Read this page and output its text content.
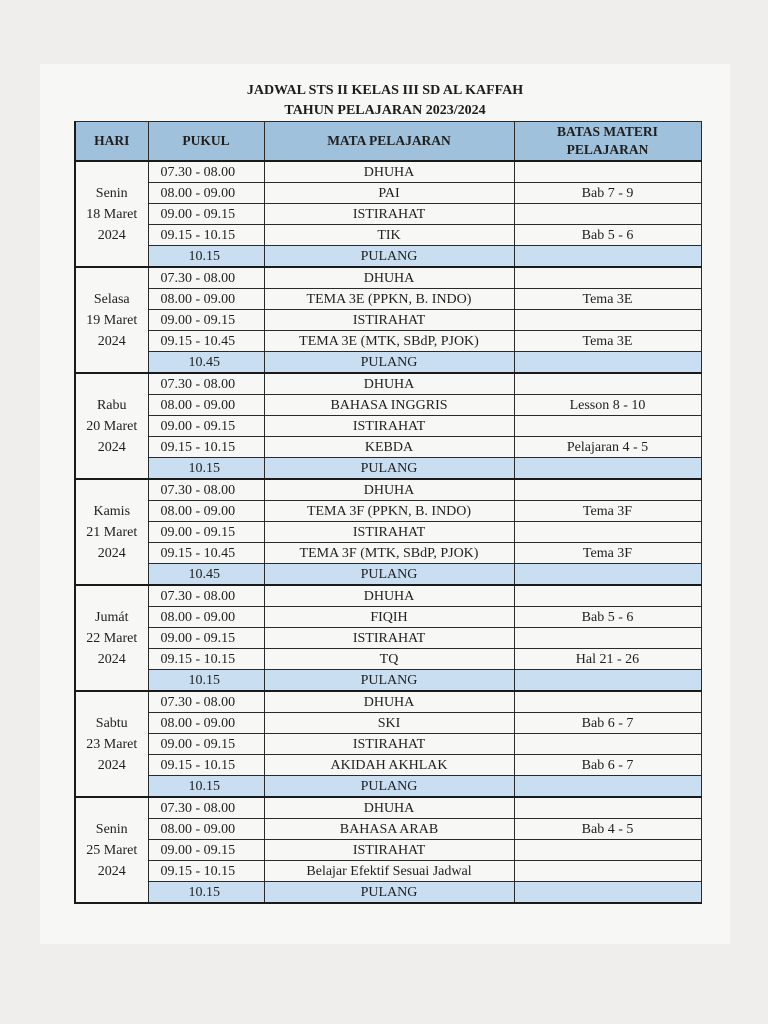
JADWAL STS II KELAS III SD AL KAFFAH
TAHUN PELAJARAN 2023/2024
HARI	PUKUL	MATA PELAJARAN	BATAS MATERI
PELAJARAN
Senin
18 Maret
2024	07.30 - 08.00	DHUHA	
	08.00 - 09.00	PAI	Bab 7 - 9
	09.00 - 09.15	ISTIRAHAT	
	09.15 - 10.15	TIK	Bab 5 - 6
	10.15	PULANG	
Selasa
19 Maret
2024	07.30 - 08.00	DHUHA	
	08.00 - 09.00	TEMA 3E (PPKN, B. INDO)	Tema 3E
	09.00 - 09.15	ISTIRAHAT	
	09.15 - 10.45	TEMA 3E (MTK, SBdP, PJOK)	Tema 3E
	10.45	PULANG	
Rabu
20 Maret
2024	07.30 - 08.00	DHUHA	
	08.00 - 09.00	BAHASA INGGRIS	Lesson 8 - 10
	09.00 - 09.15	ISTIRAHAT	
	09.15 - 10.15	KEBDA	Pelajaran 4 - 5
	10.15	PULANG	
Kamis
21 Maret
2024	07.30 - 08.00	DHUHA	
	08.00 - 09.00	TEMA 3F (PPKN, B. INDO)	Tema 3F
	09.00 - 09.15	ISTIRAHAT	
	09.15 - 10.45	TEMA 3F (MTK, SBdP, PJOK)	Tema 3F
	10.45	PULANG	
Jumát
22 Maret
2024	07.30 - 08.00	DHUHA	
	08.00 - 09.00	FIQIH	Bab 5 - 6
	09.00 - 09.15	ISTIRAHAT	
	09.15 - 10.15	TQ	Hal 21 - 26
	10.15	PULANG	
Sabtu
23 Maret
2024	07.30 - 08.00	DHUHA	
	08.00 - 09.00	SKI	Bab 6 - 7
	09.00 - 09.15	ISTIRAHAT	
	09.15 - 10.15	AKIDAH AKHLAK	Bab 6 - 7
	10.15	PULANG	
Senin
25 Maret
2024	07.30 - 08.00	DHUHA	
	08.00 - 09.00	BAHASA ARAB	Bab 4 - 5
	09.00 - 09.15	ISTIRAHAT	
	09.15 - 10.15	Belajar Efektif Sesuai Jadwal	
	10.15	PULANG	
